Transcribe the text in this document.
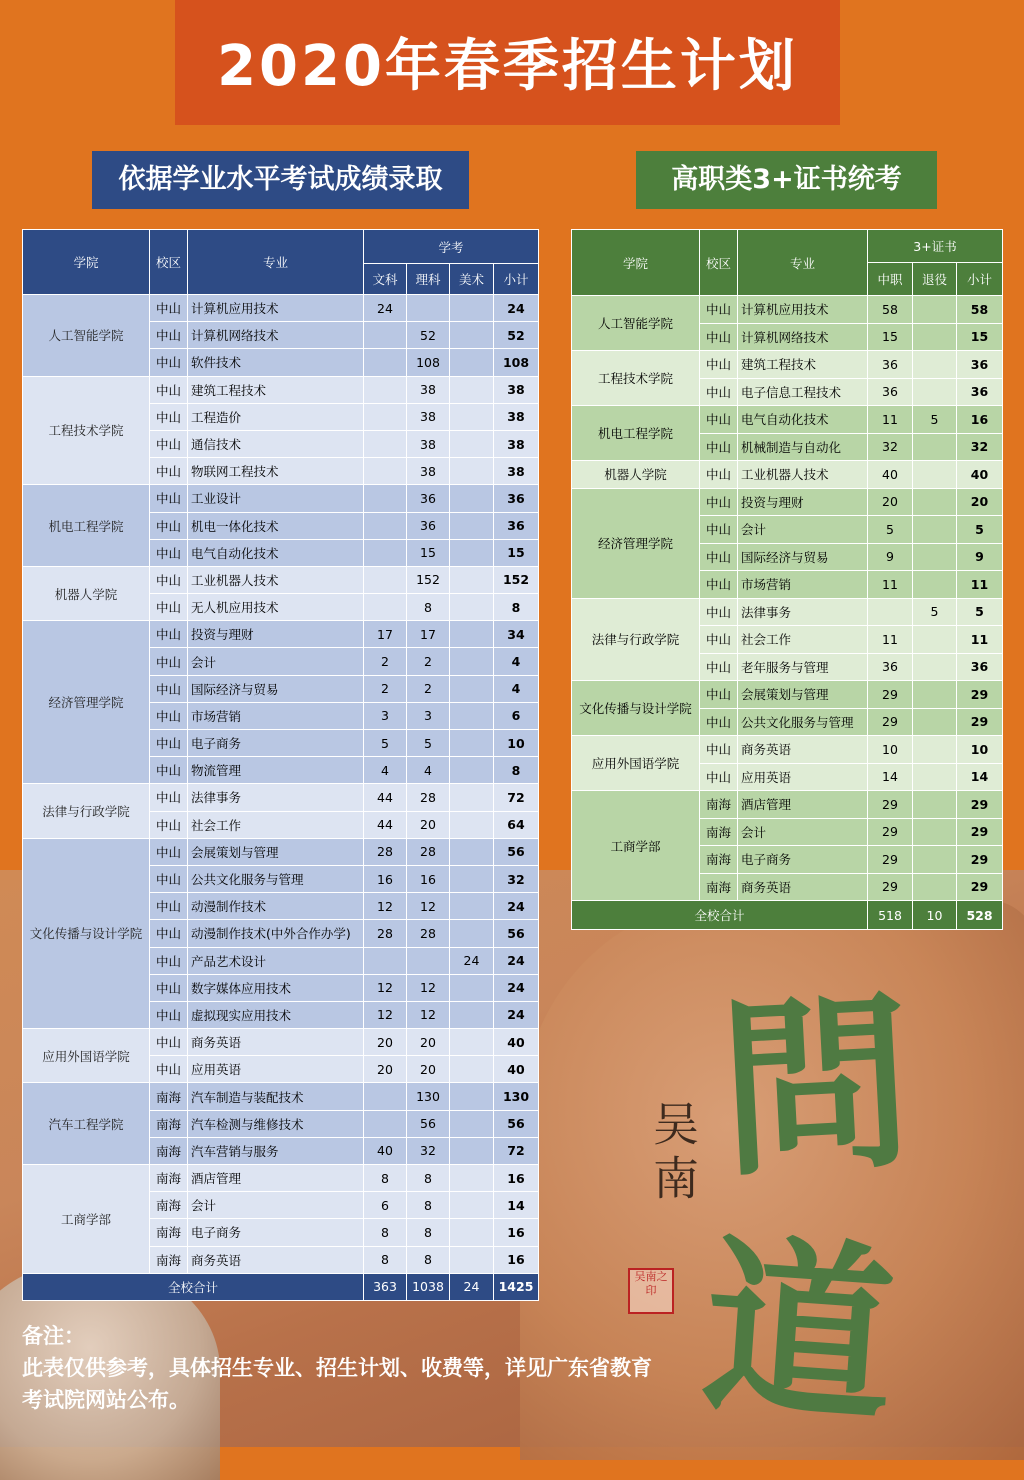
2020年春季招生计划
依据学业水平考试成绩录取	高职类3+证书统考
学院	校区	专业	学考			
			文科	理科	美术	小计
人工智能学院	中山	计算机应用技术	24			24
	中山	计算机网络技术		52		52
	中山	软件技术		108		108
工程技术学院	中山	建筑工程技术		38		38
	中山	工程造价		38		38
	中山	通信技术		38		38
	中山	物联网工程技术		38		38
机电工程学院	中山	工业设计		36		36
	中山	机电一体化技术		36		36
	中山	电气自动化技术		15		15
机器人学院	中山	工业机器人技术		152		152
	中山	无人机应用技术		8		8
经济管理学院	中山	投资与理财	17	17		34
	中山	会计	2	2		4
	中山	国际经济与贸易	2	2		4
	中山	市场营销	3	3		6
	中山	电子商务	5	5		10
	中山	物流管理	4	4		8
法律与行政学院	中山	法律事务	44	28		72
	中山	社会工作	44	20		64
文化传播与设计学院	中山	会展策划与管理	28	28		56
	中山	公共文化服务与管理	16	16		32
	中山	动漫制作技术	12	12		24
	中山	动漫制作技术(中外合作办学)	28	28		56
	中山	产品艺术设计			24	24
	中山	数字媒体应用技术	12	12		24
	中山	虚拟现实应用技术	12	12		24
应用外国语学院	中山	商务英语	20	20		40
	中山	应用英语	20	20		40
汽车工程学院	南海	汽车制造与装配技术		130		130
	南海	汽车检测与维修技术		56		56
	南海	汽车营销与服务	40	32		72
工商学部	南海	酒店管理	8	8		16
	南海	会计	6	8		14
	南海	电子商务	8	8		16
	南海	商务英语	8	8		16
全校合计			363	1038	24	1425
学院	校区	专业	3+证书		
			中职	退役	小计
人工智能学院	中山	计算机应用技术	58		58
	中山	计算机网络技术	15		15
工程技术学院	中山	建筑工程技术	36		36
	中山	电子信息工程技术	36		36
机电工程学院	中山	电气自动化技术	11	5	16
	中山	机械制造与自动化	32		32
机器人学院	中山	工业机器人技术	40		40
经济管理学院	中山	投资与理财	20		20
	中山	会计	5		5
	中山	国际经济与贸易	9		9
	中山	市场营销	11		11
法律与行政学院	中山	法律事务		5	5
	中山	社会工作	11		11
	中山	老年服务与管理	36		36
文化传播与设计学院	中山	会展策划与管理	29		29
	中山	公共文化服务与管理	29		29
应用外国语学院	中山	商务英语	10		10
	中山	应用英语	14		14
工商学部	南海	酒店管理	29		29
	南海	会计	29		29
	南海	电子商务	29		29
	南海	商务英语	29		29
全校合计			518	10	528
問
道
吴南
吴南之印
备注：
此表仅供参考，具体招生专业、招生计划、收费等，详见广东省教育考试院网站公布。
